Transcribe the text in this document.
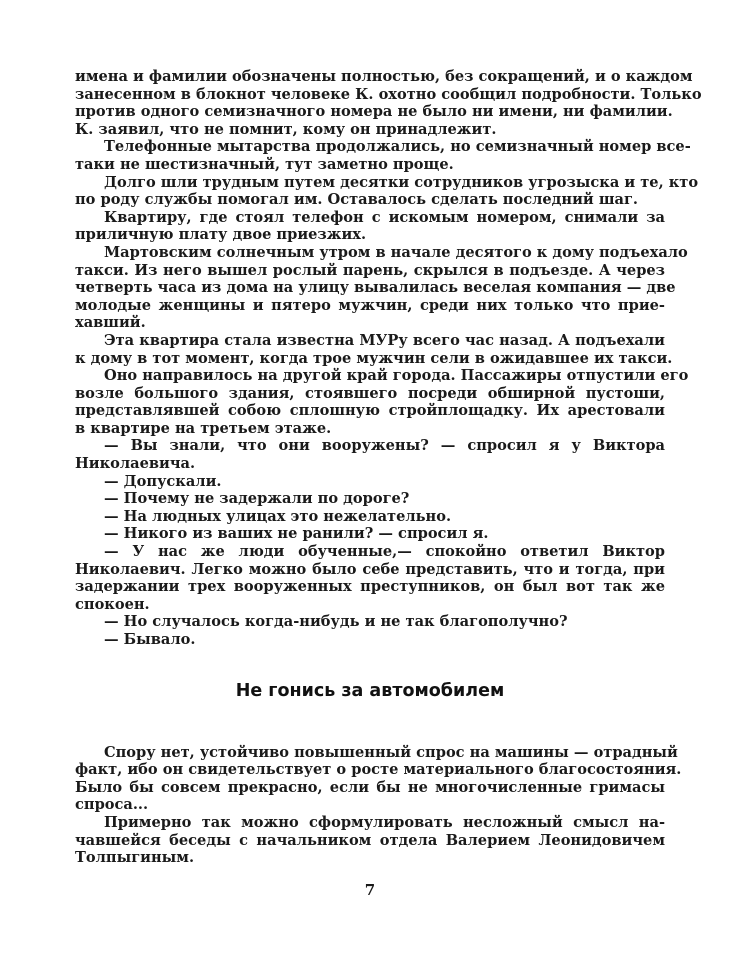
имена и фамилии обозначены полностью, без сокращений, и о каждом
занесенном в блокнот человеке К. охотно сообщил подробности. Только
против одного семизначного номера не было ни имени, ни фамилии.
К. заявил, что не помнит, кому он принадлежит.
Телефонные мытарства продолжались, но семизначный номер все-
таки не шестизначный, тут заметно проще.
Долго шли трудным путем десятки сотрудников угрозыска и те, кто
по роду службы помогал им. Оставалось сделать последний шаг.
Квартиру, где стоял телефон с искомым номером, снимали за
приличную плату двое приезжих.
Мартовским солнечным утром в начале десятого к дому подъехало
такси. Из него вышел рослый парень, скрылся в подъезде. А через
четверть часа из дома на улицу вывалилась веселая компания — две
молодые женщины и пятеро мужчин, среди них только что прие-
хавший.
Эта квартира стала известна МУРу всего час назад. А подъехали
к дому в тот момент, когда трое мужчин сели в ожидавшее их такси.
Оно направилось на другой край города. Пассажиры отпустили его
возле большого здания, стоявшего посреди обширной пустоши,
представлявшей собою сплошную стройплощадку. Их арестовали
в квартире на третьем этаже.
— Вы знали, что они вооружены? — спросил я у Виктора
Николаевича.
— Допускали.
— Почему не задержали по дороге?
— На людных улицах это нежелательно.
— Никого из ваших не ранили? — спросил я.
— У нас же люди обученные,— спокойно ответил Виктор
Николаевич. Легко можно было себе представить, что и тогда, при
задержании трех вооруженных преступников, он был вот так же
спокоен.
— Но случалось когда-нибудь и не так благополучно?
— Бывало.
Не гонись за автомобилем
Спору нет, устойчиво повышенный спрос на машины — отрадный
факт, ибо он свидетельствует о росте материального благосостояния.
Было бы совсем прекрасно, если бы не многочисленные гримасы
спроса...
Примерно так можно сформулировать несложный смысл на-
чавшейся беседы с начальником отдела Валерием Леонидовичем
Толпыгиным.
7
